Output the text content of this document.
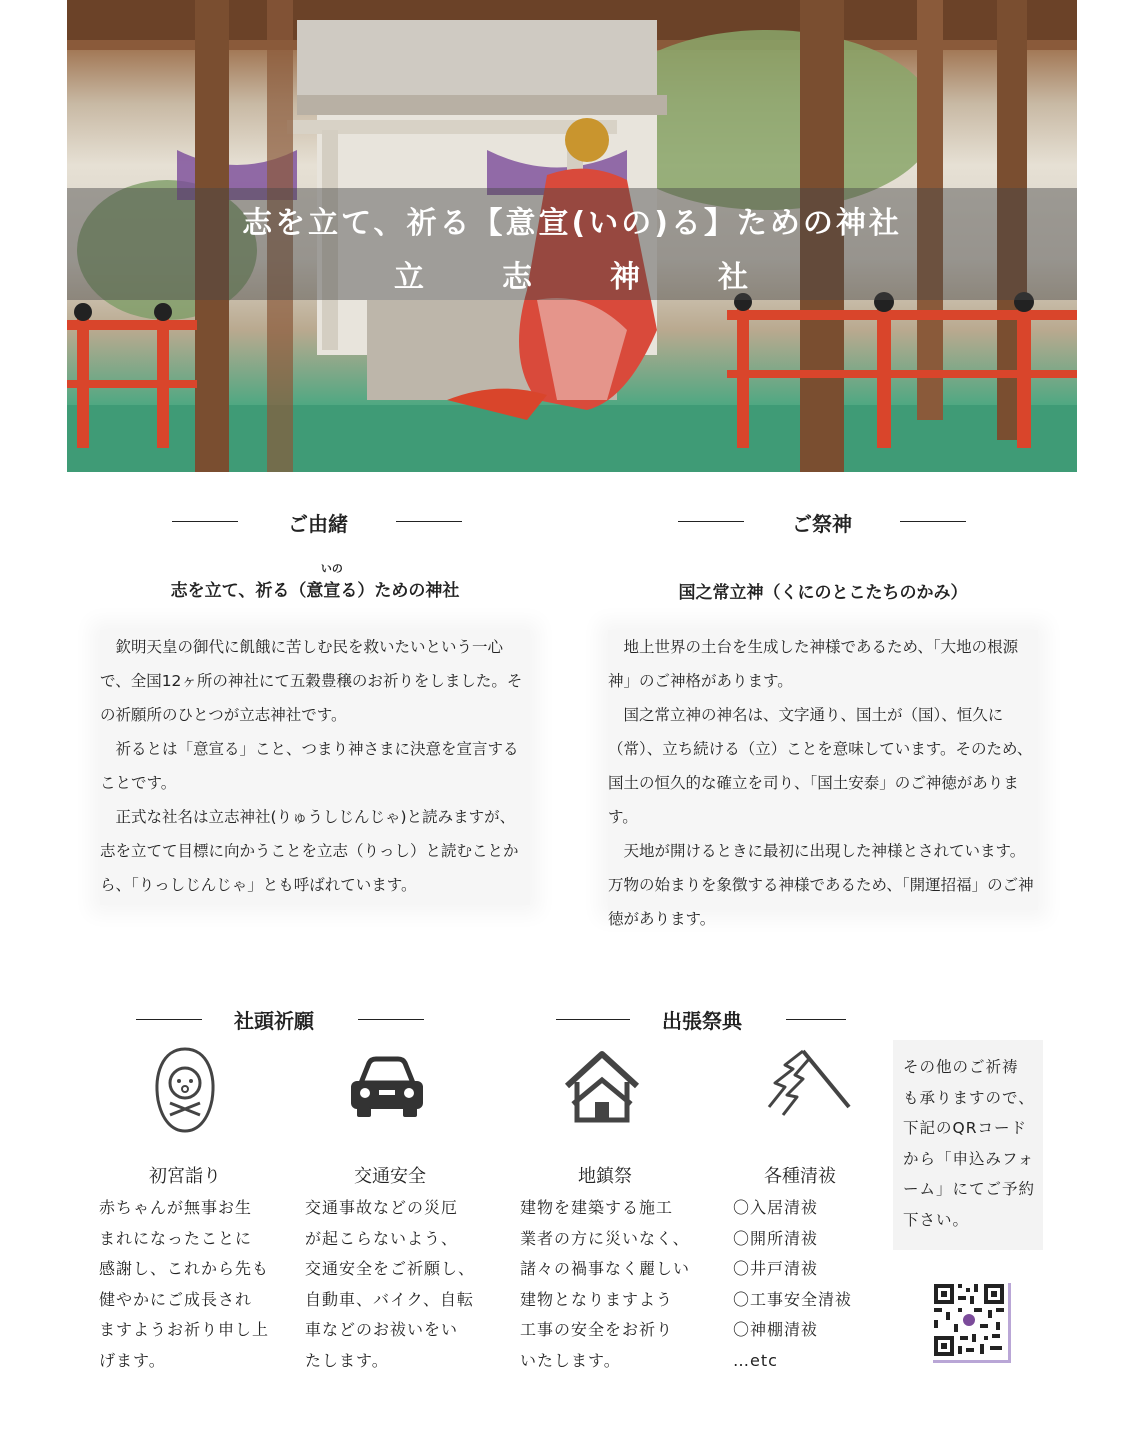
志を立て、祈る【意宣(いの)る】ための神社
立	志	神	社
ご由緒
志を立て、祈る（
いの
意宣る）ための神社

欽明天皇の御代に飢餓に苦しむ民を救いたいという一心で、全国12ヶ所の神社にて五穀豊穣のお祈りをしました。その祈願所のひとつが立志神社です。

祈るとは「意宣る」こと、つまり神さまに決意を宣言することです。

正式な社名は立志神社(りゅうしじんじゃ)と読みますが、志を立てて目標に向かうことを立志（りっし）と読むことから、「りっしじんじゃ」とも呼ばれています。

ご祭神
国之常立神（くにのとこたちのかみ）

地上世界の土台を生成した神様であるため、「大地の根源神」のご神格があります。

国之常立神の神名は、文字通り、国土が（国）、恒久に（常）、立ち続ける（立）ことを意味しています。そのため、国土の恒久的な確立を司り、「国土安泰」のご神徳があります。

天地が開けるときに最初に出現した神様とされています。万物の始まりを象徴する神様であるため、「開運招福」のご神徳があります。

社頭祈願	出張祭典
初宮詣り
赤ちゃんが無事お生
まれになったことに
感謝し、これから先も
健やかにご成長され
ますようお祈り申し上
げます。
交通安全
交通事故などの災厄
が起こらないよう、
交通安全をご祈願し、
自動車、バイク、自転
車などのお祓いをい
たします。
地鎮祭
建物を建築する施工
業者の方に災いなく、
諸々の禍事なく麗しい
建物となりますよう
工事の安全をお祈り
いたします。
各種清祓
〇入居清祓
〇開所清祓
〇井戸清祓
〇工事安全清祓
〇神棚清祓
…etc
その他のご祈祷
も承りますので、
下記のQRコード
から「申込みフォ
ーム」にてご予約
下さい。
